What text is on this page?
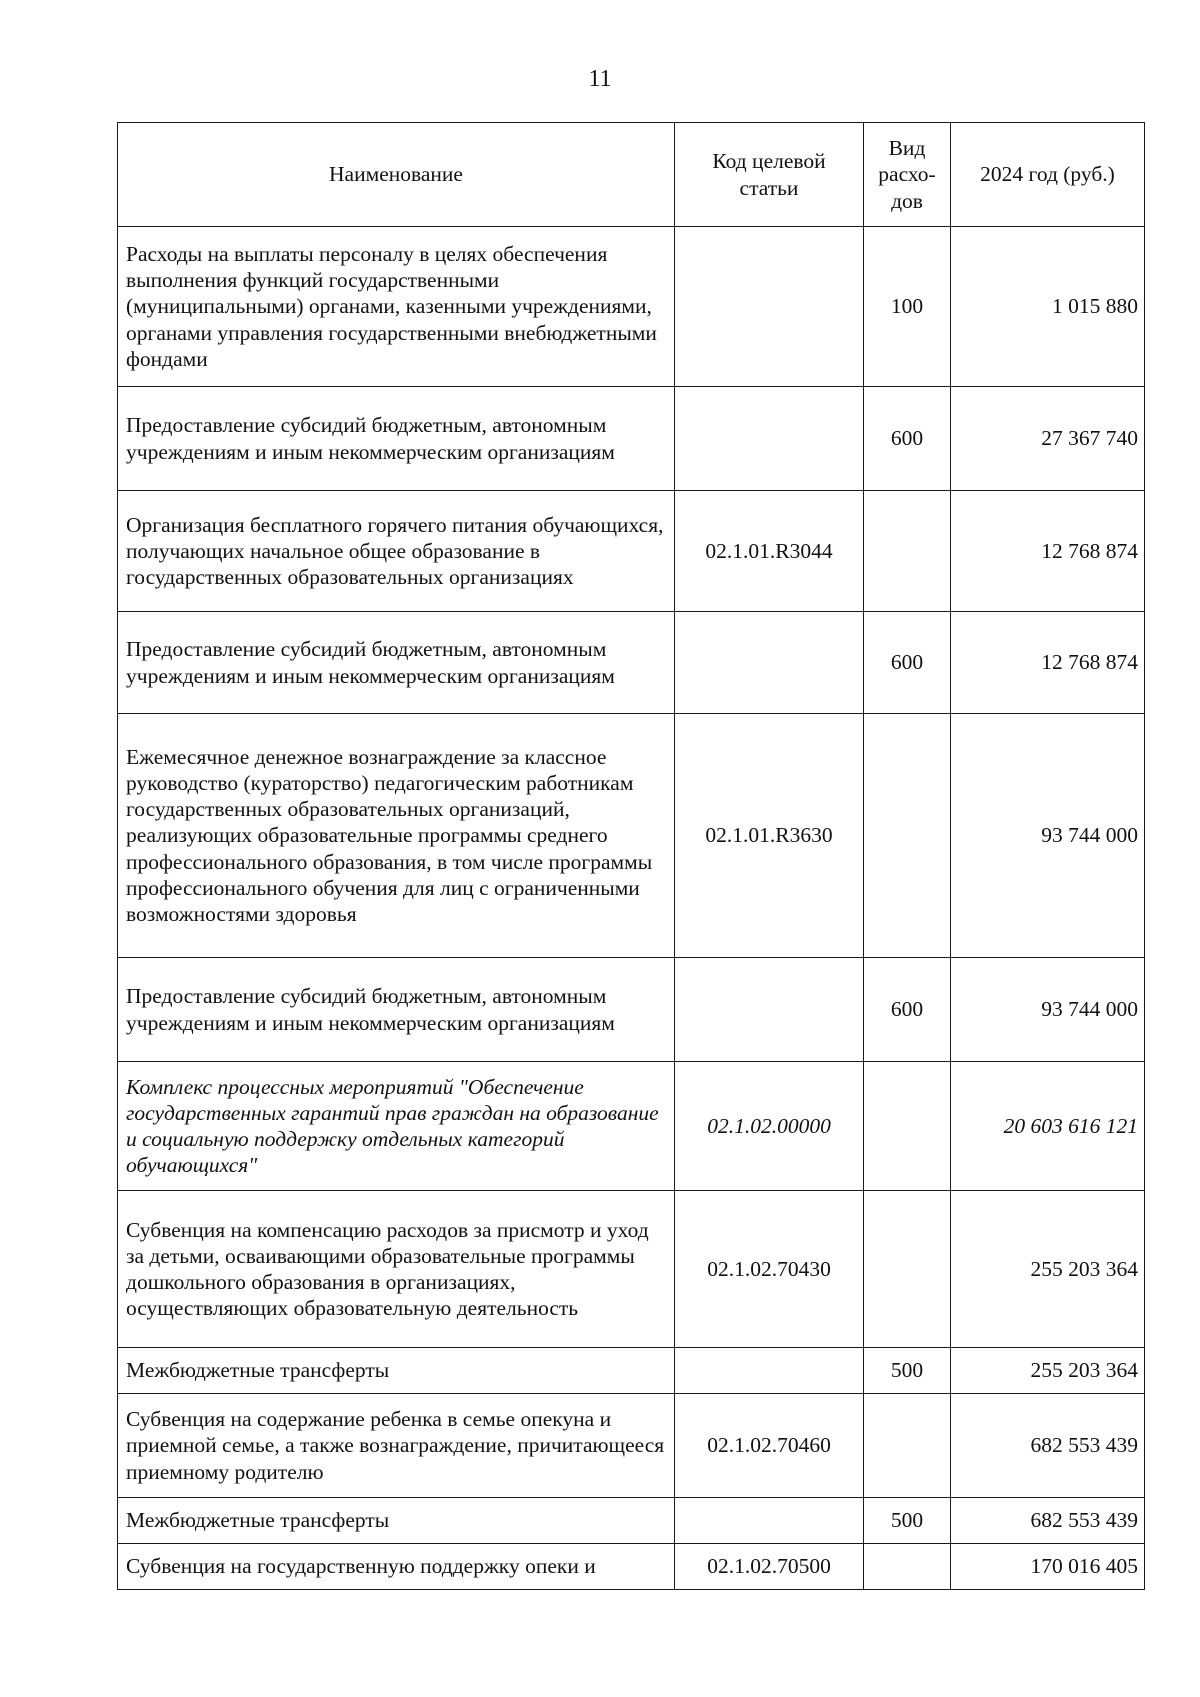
11
Наименование	Код целевой статьи	Вид расхо-дов	2024 год (руб.)
Расходы на выплаты персоналу в целях обеспечения выполнения функций государственными (муниципальными) органами, казенными учреждениями, органами управления государственными внебюджетными фондами		100	1 015 880
Предоставление субсидий бюджетным, автономным учреждениям и иным некоммерческим организациям		600	27 367 740
Организация бесплатного горячего питания обучающихся, получающих начальное общее образование в государственных образовательных организациях	02.1.01.R3044		12 768 874
Предоставление субсидий бюджетным, автономным учреждениям и иным некоммерческим организациям		600	12 768 874
Ежемесячное денежное вознаграждение за классное руководство (кураторство) педагогическим работникам государственных образовательных организаций, реализующих образовательные программы среднего профессионального образования, в том числе программы профессионального обучения для лиц с ограниченными возможностями здоровья	02.1.01.R3630		93 744 000
Предоставление субсидий бюджетным, автономным учреждениям и иным некоммерческим организациям		600	93 744 000
Комплекс процессных мероприятий "Обеспечение государственных гарантий прав граждан на образование и социальную поддержку отдельных категорий обучающихся"	02.1.02.00000		20 603 616 121
Субвенция на компенсацию расходов за присмотр и уход за детьми, осваивающими образовательные программы дошкольного образования в организациях, осуществляющих образовательную деятельность	02.1.02.70430		255 203 364
Межбюджетные трансферты		500	255 203 364
Субвенция на содержание ребенка в семье опекуна и приемной семье, а также вознаграждение, причитающееся приемному родителю	02.1.02.70460		682 553 439
Межбюджетные трансферты		500	682 553 439
Субвенция на государственную поддержку опеки и	02.1.02.70500		170 016 405
